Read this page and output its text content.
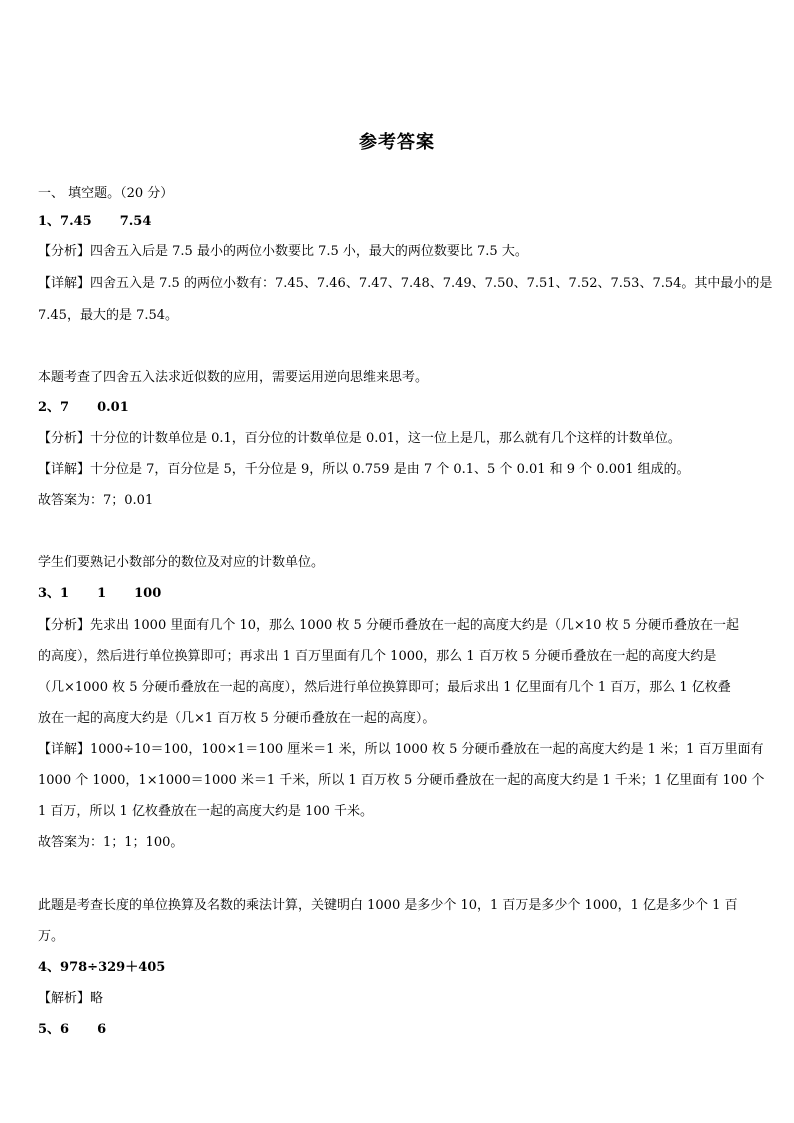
参考答案
一、 填空题。（20 分）
1、7.45 7.54
【分析】四舍五入后是 7.5 最小的两位小数要比 7.5 小，最大的两位数要比 7.5 大。
【详解】四舍五入是 7.5 的两位小数有：7.45、7.46、7.47、7.48、7.49、7.50、7.51、7.52、7.53、7.54。其中最小的是
7.45，最大的是 7.54。
本题考查了四舍五入法求近似数的应用，需要运用逆向思维来思考。
2、7 0.01
【分析】十分位的计数单位是 0.1，百分位的计数单位是 0.01，这一位上是几，那么就有几个这样的计数单位。
【详解】十分位是 7，百分位是 5，千分位是 9，所以 0.759 是由 7 个 0.1、5 个 0.01 和 9 个 0.001 组成的。
故答案为：7；0.01
学生们要熟记小数部分的数位及对应的计数单位。
3、1 1 100
【分析】先求出 1000 里面有几个 10，那么 1000 枚 5 分硬币叠放在一起的高度大约是（几×10 枚 5 分硬币叠放在一起
的高度），然后进行单位换算即可；再求出 1 百万里面有几个 1000，那么 1 百万枚 5 分硬币叠放在一起的高度大约是
（几×1000 枚 5 分硬币叠放在一起的高度），然后进行单位换算即可；最后求出 1 亿里面有几个 1 百万，那么 1 亿枚叠
放在一起的高度大约是（几×1 百万枚 5 分硬币叠放在一起的高度）。
【详解】1000÷10＝100，100×1＝100 厘米＝1 米，所以 1000 枚 5 分硬币叠放在一起的高度大约是 1 米；1 百万里面有
1000 个 1000，1×1000＝1000 米＝1 千米，所以 1 百万枚 5 分硬币叠放在一起的高度大约是 1 千米；1 亿里面有 100 个
1 百万，所以 1 亿枚叠放在一起的高度大约是 100 千米。
故答案为：1；1；100。
此题是考查长度的单位换算及名数的乘法计算，关键明白 1000 是多少个 10，1 百万是多少个 1000，1 亿是多少个 1 百
万。
4、978÷329＋405
【解析】略
5、6 6
